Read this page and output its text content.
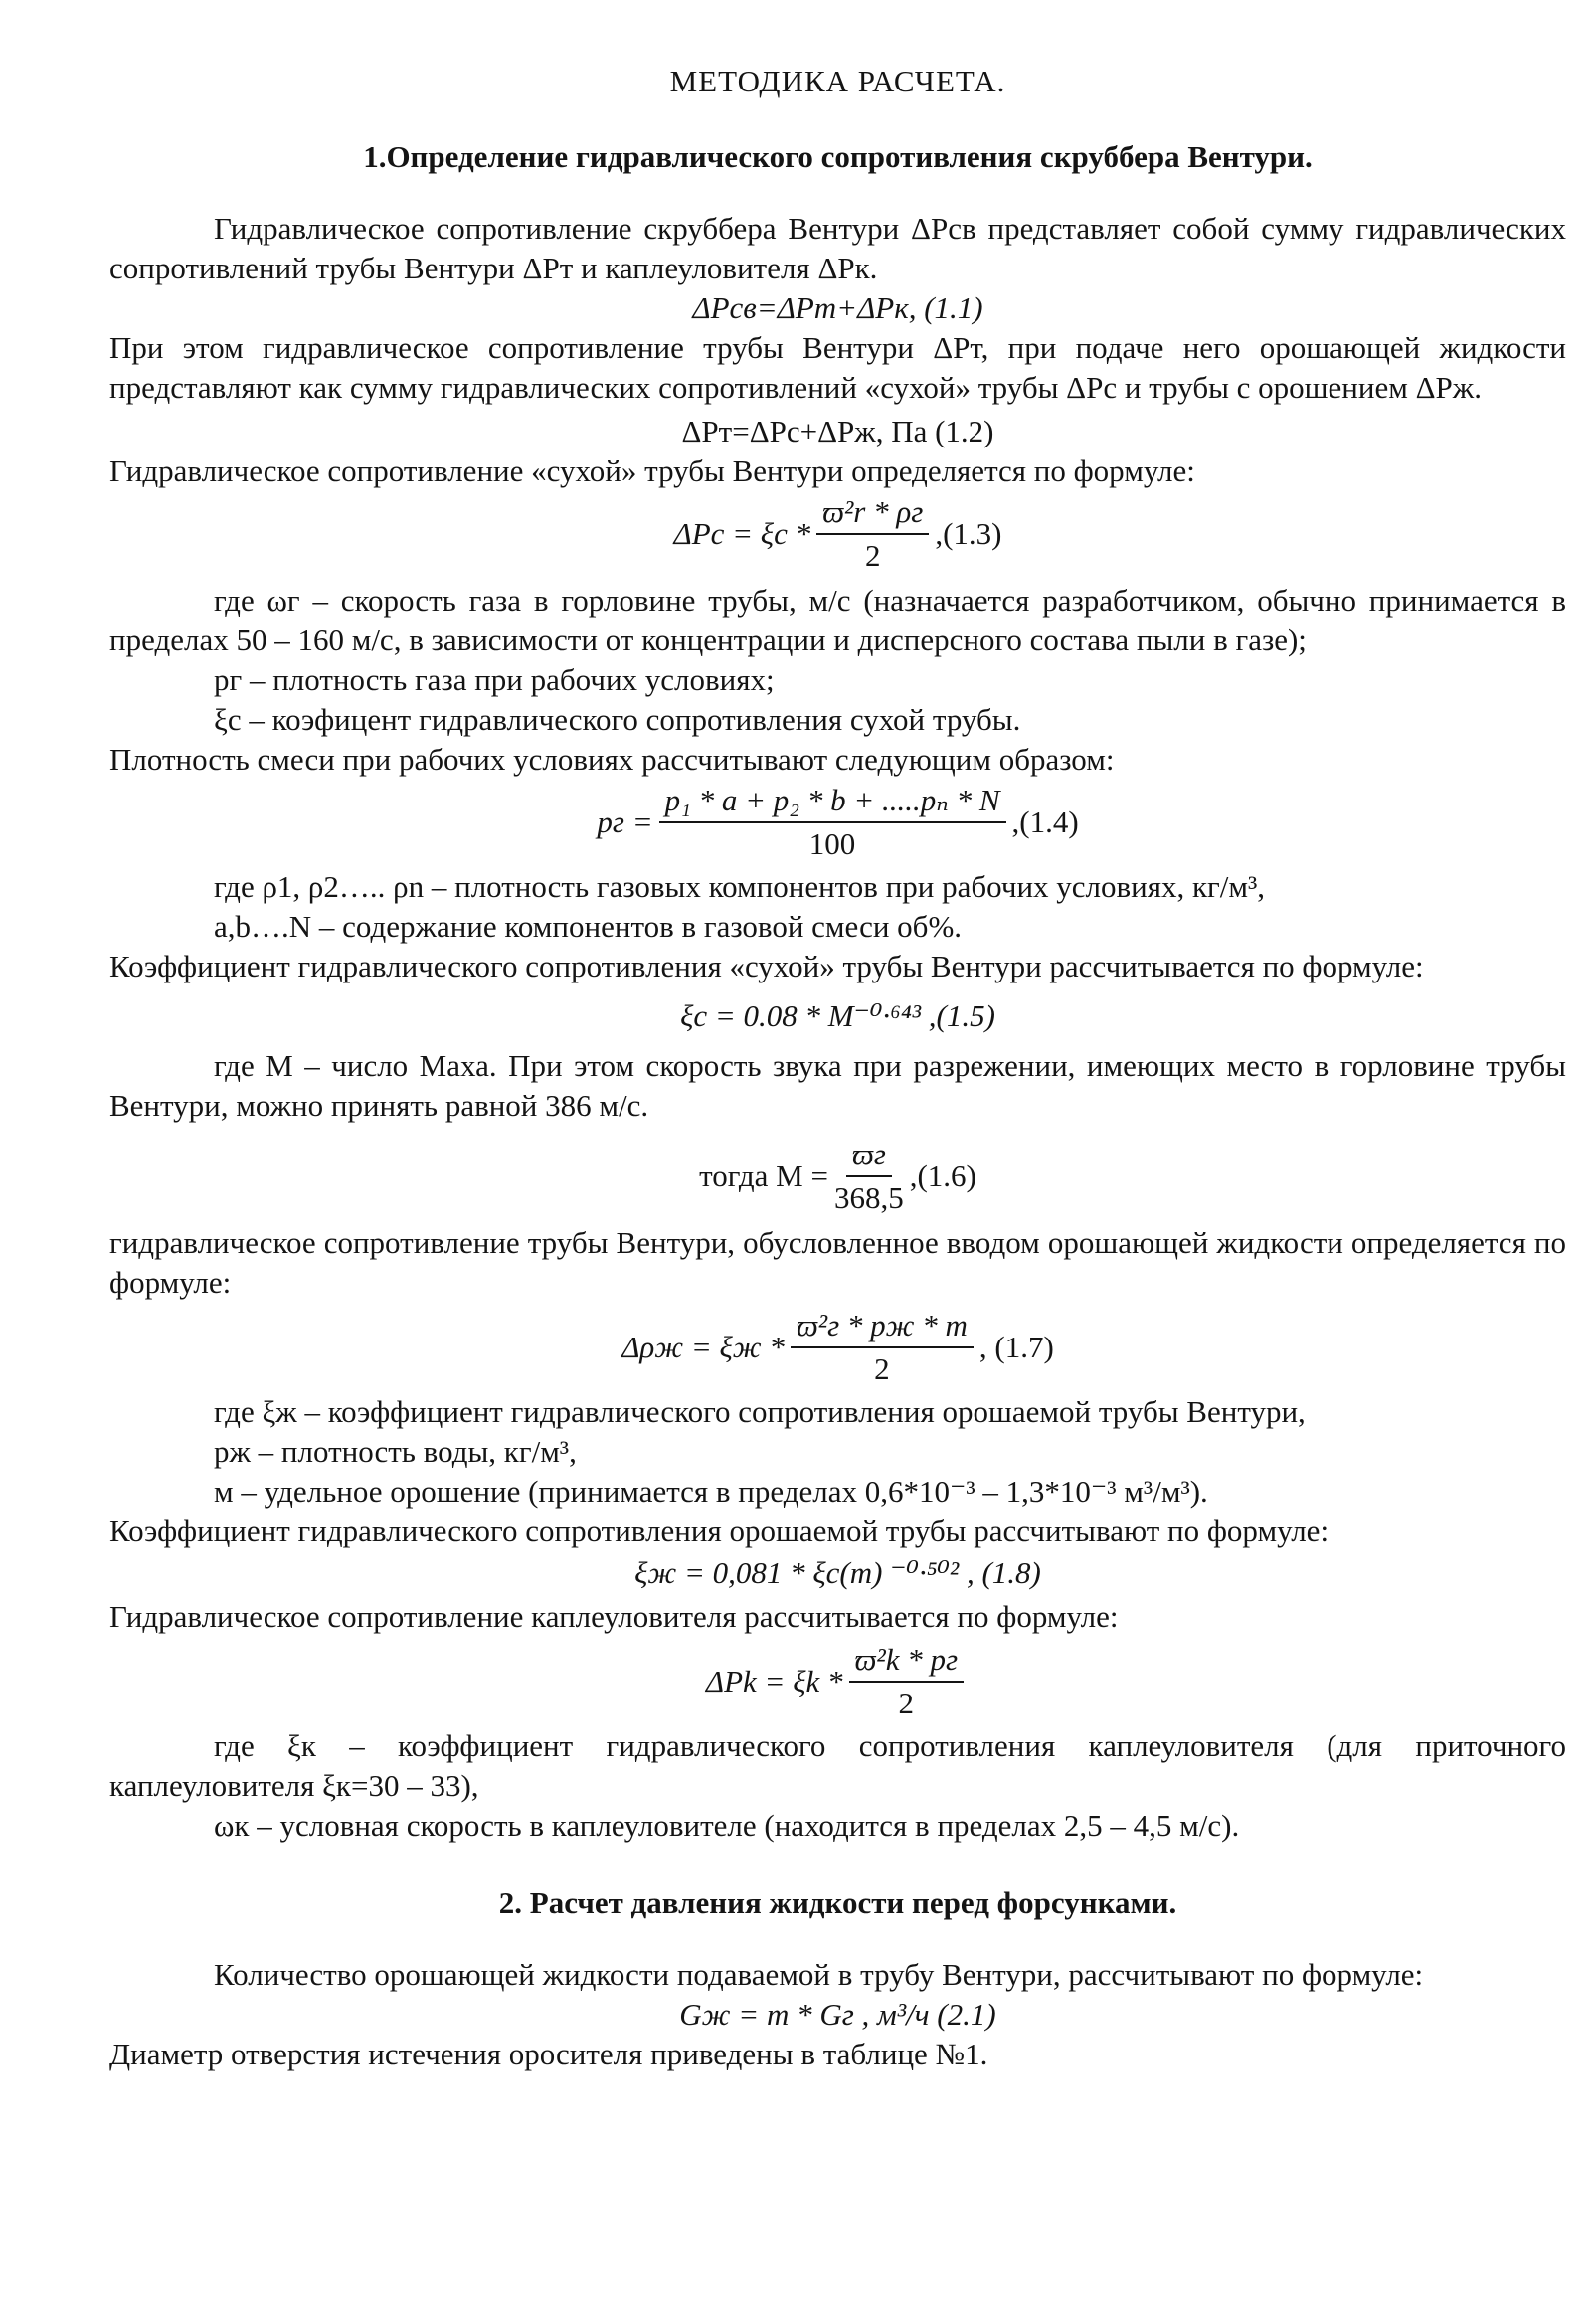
МЕТОДИКА РАСЧЕТА.

1.Определение гидравлического сопротивления скруббера Вентури.

Гидравлическое сопротивление скруббера Вентури ΔPсв представляет собой сумму гидравлических сопротивлений трубы Вентури ΔPт и каплеуловителя ΔPк.

ΔPсв=ΔPт+ΔPк, (1.1)

При этом гидравлическое сопротивление трубы Вентури ΔPт, при подаче него орошающей жидкости представляют как сумму гидравлических сопротивлений «сухой» трубы ΔPс и трубы с орошением ΔPж.

ΔPт=ΔPс+ΔPж, Па (1.2)

Гидравлическое сопротивление «сухой» трубы Вентури определяется по формуле:

$\Delta Pс = \xi с * \frac{\text{ϖ²r * ρг}}{2} ,(1.3)$

где ωг – скорость газа в горловине трубы, м/с (назначается разработчиком, обычно принимается в пределах 50 – 160 м/с, в зависимости от концентрации и дисперсного состава пыли в газе);

pг – плотность газа при рабочих условиях;

ξс – коэфицент гидравлического сопротивления сухой трубы.

Плотность смеси при рабочих условиях рассчитывают следующим образом:

pг = $\frac{\text{p₁ * a + p₂ * b + .....pₙ * N}}{100} ,(1.4)$

где ρ1, ρ2….. ρn – плотность газовых компонентов при рабочих условиях, кг/м³,

a,b….N – содержание компонентов в газовой смеси об%.

Коэффициент гидравлического сопротивления «сухой» трубы Вентури рассчитывается по формуле:

ξс = 0.08 * M⁻⁰·⁶⁴³ ,(1.5)

где М – число Маха. При этом скорость звука при разрежении, имеющих место в горловине трубы Вентури, можно принять равной 386 м/с.

тогда $M = \frac{ϖг}{368,5} ,(1.6)$

гидравлическое сопротивление трубы Вентури, обусловленное вводом орошающей жидкости определяется по формуле:

$\Delta\rho ж = \xi ж * \frac{\text{ϖ²г * pж * m}}{2}$ , (1.7)

где ξж – коэффициент гидравлического сопротивления орошаемой трубы Вентури,

pж – плотность воды, кг/м³,

м – удельное орошение (принимается в пределах 0,6*10⁻³ – 1,3*10⁻³ м³/м³).

Коэффициент гидравлического сопротивления орошаемой трубы рассчитывают по формуле:

ξж = 0,081 * ξс(m) ⁻⁰·⁵⁰² , (1.8)

Гидравлическое сопротивление каплеуловителя рассчитывается по формуле:

$\Delta Pk = \xi k * \frac{\text{ϖ²k * pг}}{2}$

где ξк – коэффициент гидравлического сопротивления каплеуловителя (для приточного каплеуловителя ξк=30 – 33),

ωк – условная скорость в каплеуловителе (находится в пределах 2,5 – 4,5 м/с).

2. Расчет давления жидкости перед форсунками.

Количество орошающей жидкости подаваемой в трубу Вентури, рассчитывают по формуле:

Gж = m * Gг , м³/ч (2.1)

Диаметр отверстия истечения оросителя приведены в таблице №1.
